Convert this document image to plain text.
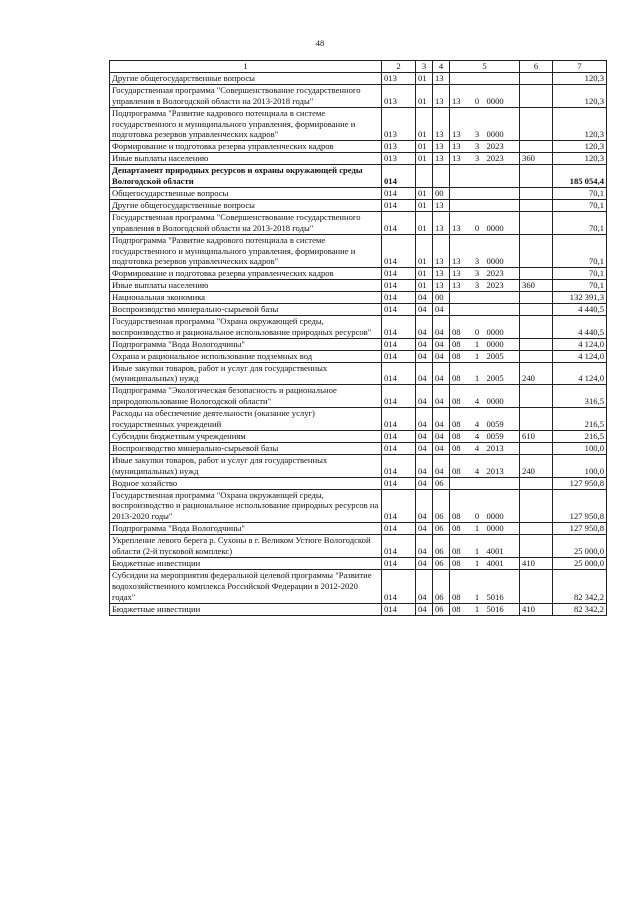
48
1	2	3	4	5			6	7
Другие общегосударственные вопросы	013	01	13					120,3
Государственная программа "Совершенствование государственного управления в Вологодской области на 2013-2018 годы"	013	01	13	13	0	0000		120,3
Подпрограмма "Развитие кадрового потенциала в системе государственного и муниципального управления, формирование и подготовка резервов управленческих кадров"	013	01	13	13	3	0000		120,3
Формирование и подготовка резерва управленческих кадров	013	01	13	13	3	2023		120,3
Иные выплаты населению	013	01	13	13	3	2023	360	120,3
Департамент природных ресурсов и охраны окружающей среды Вологодской области	014							185 054,4
Общегосударственные вопросы	014	01	00					70,1
Другие общегосударственные вопросы	014	01	13					70,1
Государственная программа "Совершенствование государственного управления в Вологодской области на 2013-2018 годы"	014	01	13	13	0	0000		70,1
Подпрограмма "Развитие кадрового потенциала в системе государственного и муниципального управления, формирование и подготовка резервов управленческих кадров"	014	01	13	13	3	0000		70,1
Формирование и подготовка резерва управленческих кадров	014	01	13	13	3	2023		70,1
Иные выплаты населению	014	01	13	13	3	2023	360	70,1
Национальная экономика	014	04	00					132 391,3
Воспроизводство минерально-сырьевой базы	014	04	04					4 440,5
Государственная программа "Охрана окружающей среды, воспроизводство и рациональное использование природных ресурсов"	014	04	04	08	0	0000		4 440,5
Подпрограмма "Вода Вологодчины"	014	04	04	08	1	0000		4 124,0
Охрана и рациональное использование подземных вод	014	04	04	08	1	2005		4 124,0
Иные закупки товаров, работ и услуг для государственных (муниципальных) нужд	014	04	04	08	1	2005	240	4 124,0
Подпрограмма "Экологическая безопасность и рациональное природопользование Вологодской области"	014	04	04	08	4	0000		316,5
Расходы на обеспечение деятельности (оказание услуг) государственных учреждений	014	04	04	08	4	0059		216,5
Субсидии бюджетным учреждениям	014	04	04	08	4	0059	610	216,5
Воспроизводство минерально-сырьевой базы	014	04	04	08	4	2013		100,0
Иные закупки товаров, работ и услуг для государственных (муниципальных) нужд	014	04	04	08	4	2013	240	100,0
Водное хозяйство	014	04	06					127 950,8
Государственная программа "Охрана окружающей среды, воспроизводство и рациональное использование природных ресурсов на 2013-2020 годы"	014	04	06	08	0	0000		127 950,8
Подпрограмма "Вода Вологодчины"	014	04	06	08	1	0000		127 950,8
Укрепление левого берега р. Сухоны в г. Великом Устюге Вологодской области (2-й пусковой комплекс)	014	04	06	08	1	4001		25 000,0
Бюджетные инвестиции	014	04	06	08	1	4001	410	25 000,0
Субсидии на мероприятия федеральной целевой программы "Развитие водохозяйственного комплекса Российской Федерации в 2012-2020 годах"	014	04	06	08	1	5016		82 342,2
Бюджетные инвестиции	014	04	06	08	1	5016	410	82 342,2
